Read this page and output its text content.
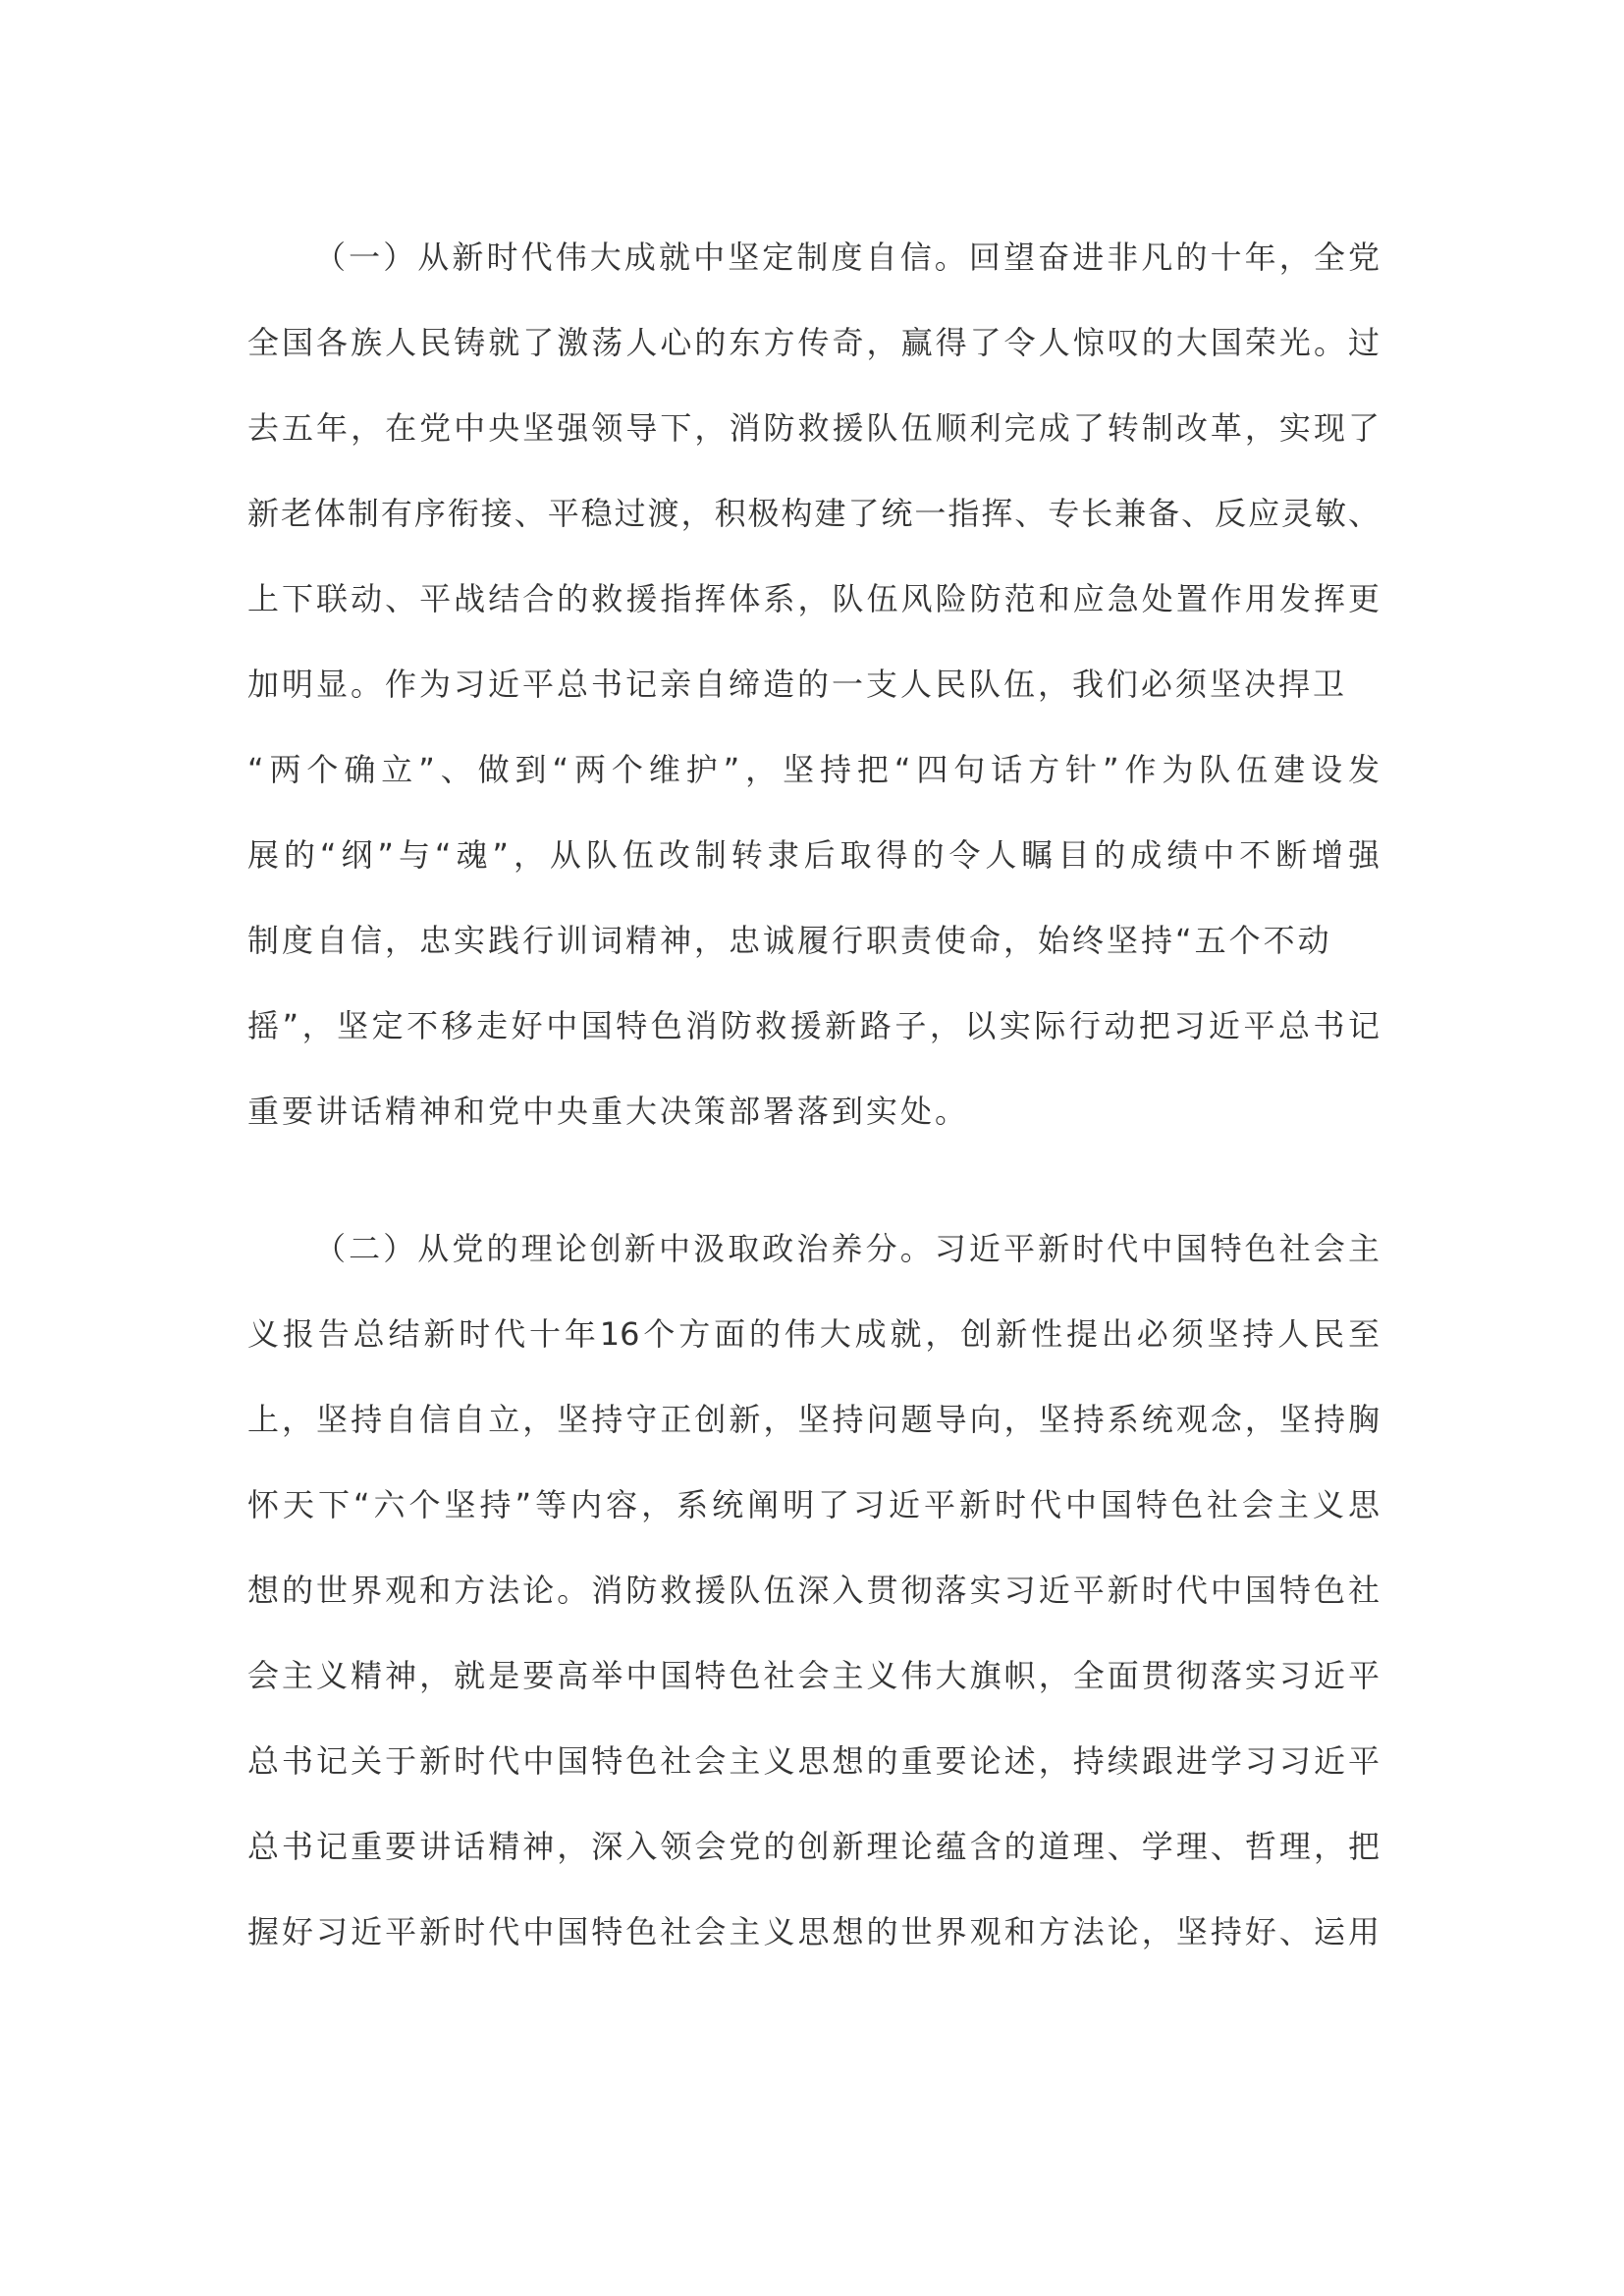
（一）从新时代伟大成就中坚定制度自信。回望奋进非凡的十年，全党
全国各族人民铸就了激荡人心的东方传奇，赢得了令人惊叹的大国荣光。过
去五年，在党中央坚强领导下，消防救援队伍顺利完成了转制改革，实现了
新老体制有序衔接、平稳过渡，积极构建了统一指挥、专长兼备、反应灵敏、
上下联动、平战结合的救援指挥体系，队伍风险防范和应急处置作用发挥更
加明显。作为习近平总书记亲自缔造的一支人民队伍，我们必须坚决捍卫
“两个确立”、做到“两个维护”，坚持把“四句话方针”作为队伍建设发
展的“纲”与“魂”，从队伍改制转隶后取得的令人瞩目的成绩中不断增强
制度自信，忠实践行训词精神，忠诚履行职责使命，始终坚持“五个不动
摇”，坚定不移走好中国特色消防救援新路子，以实际行动把习近平总书记
重要讲话精神和党中央重大决策部署落到实处。
（二）从党的理论创新中汲取政治养分。习近平新时代中国特色社会主
义报告总结新时代十年16个方面的伟大成就，创新性提出必须坚持人民至
上，坚持自信自立，坚持守正创新，坚持问题导向，坚持系统观念，坚持胸
怀天下“六个坚持”等内容，系统阐明了习近平新时代中国特色社会主义思
想的世界观和方法论。消防救援队伍深入贯彻落实习近平新时代中国特色社
会主义精神，就是要高举中国特色社会主义伟大旗帜，全面贯彻落实习近平
总书记关于新时代中国特色社会主义思想的重要论述，持续跟进学习习近平
总书记重要讲话精神，深入领会党的创新理论蕴含的道理、学理、哲理，把
握好习近平新时代中国特色社会主义思想的世界观和方法论，坚持好、运用
